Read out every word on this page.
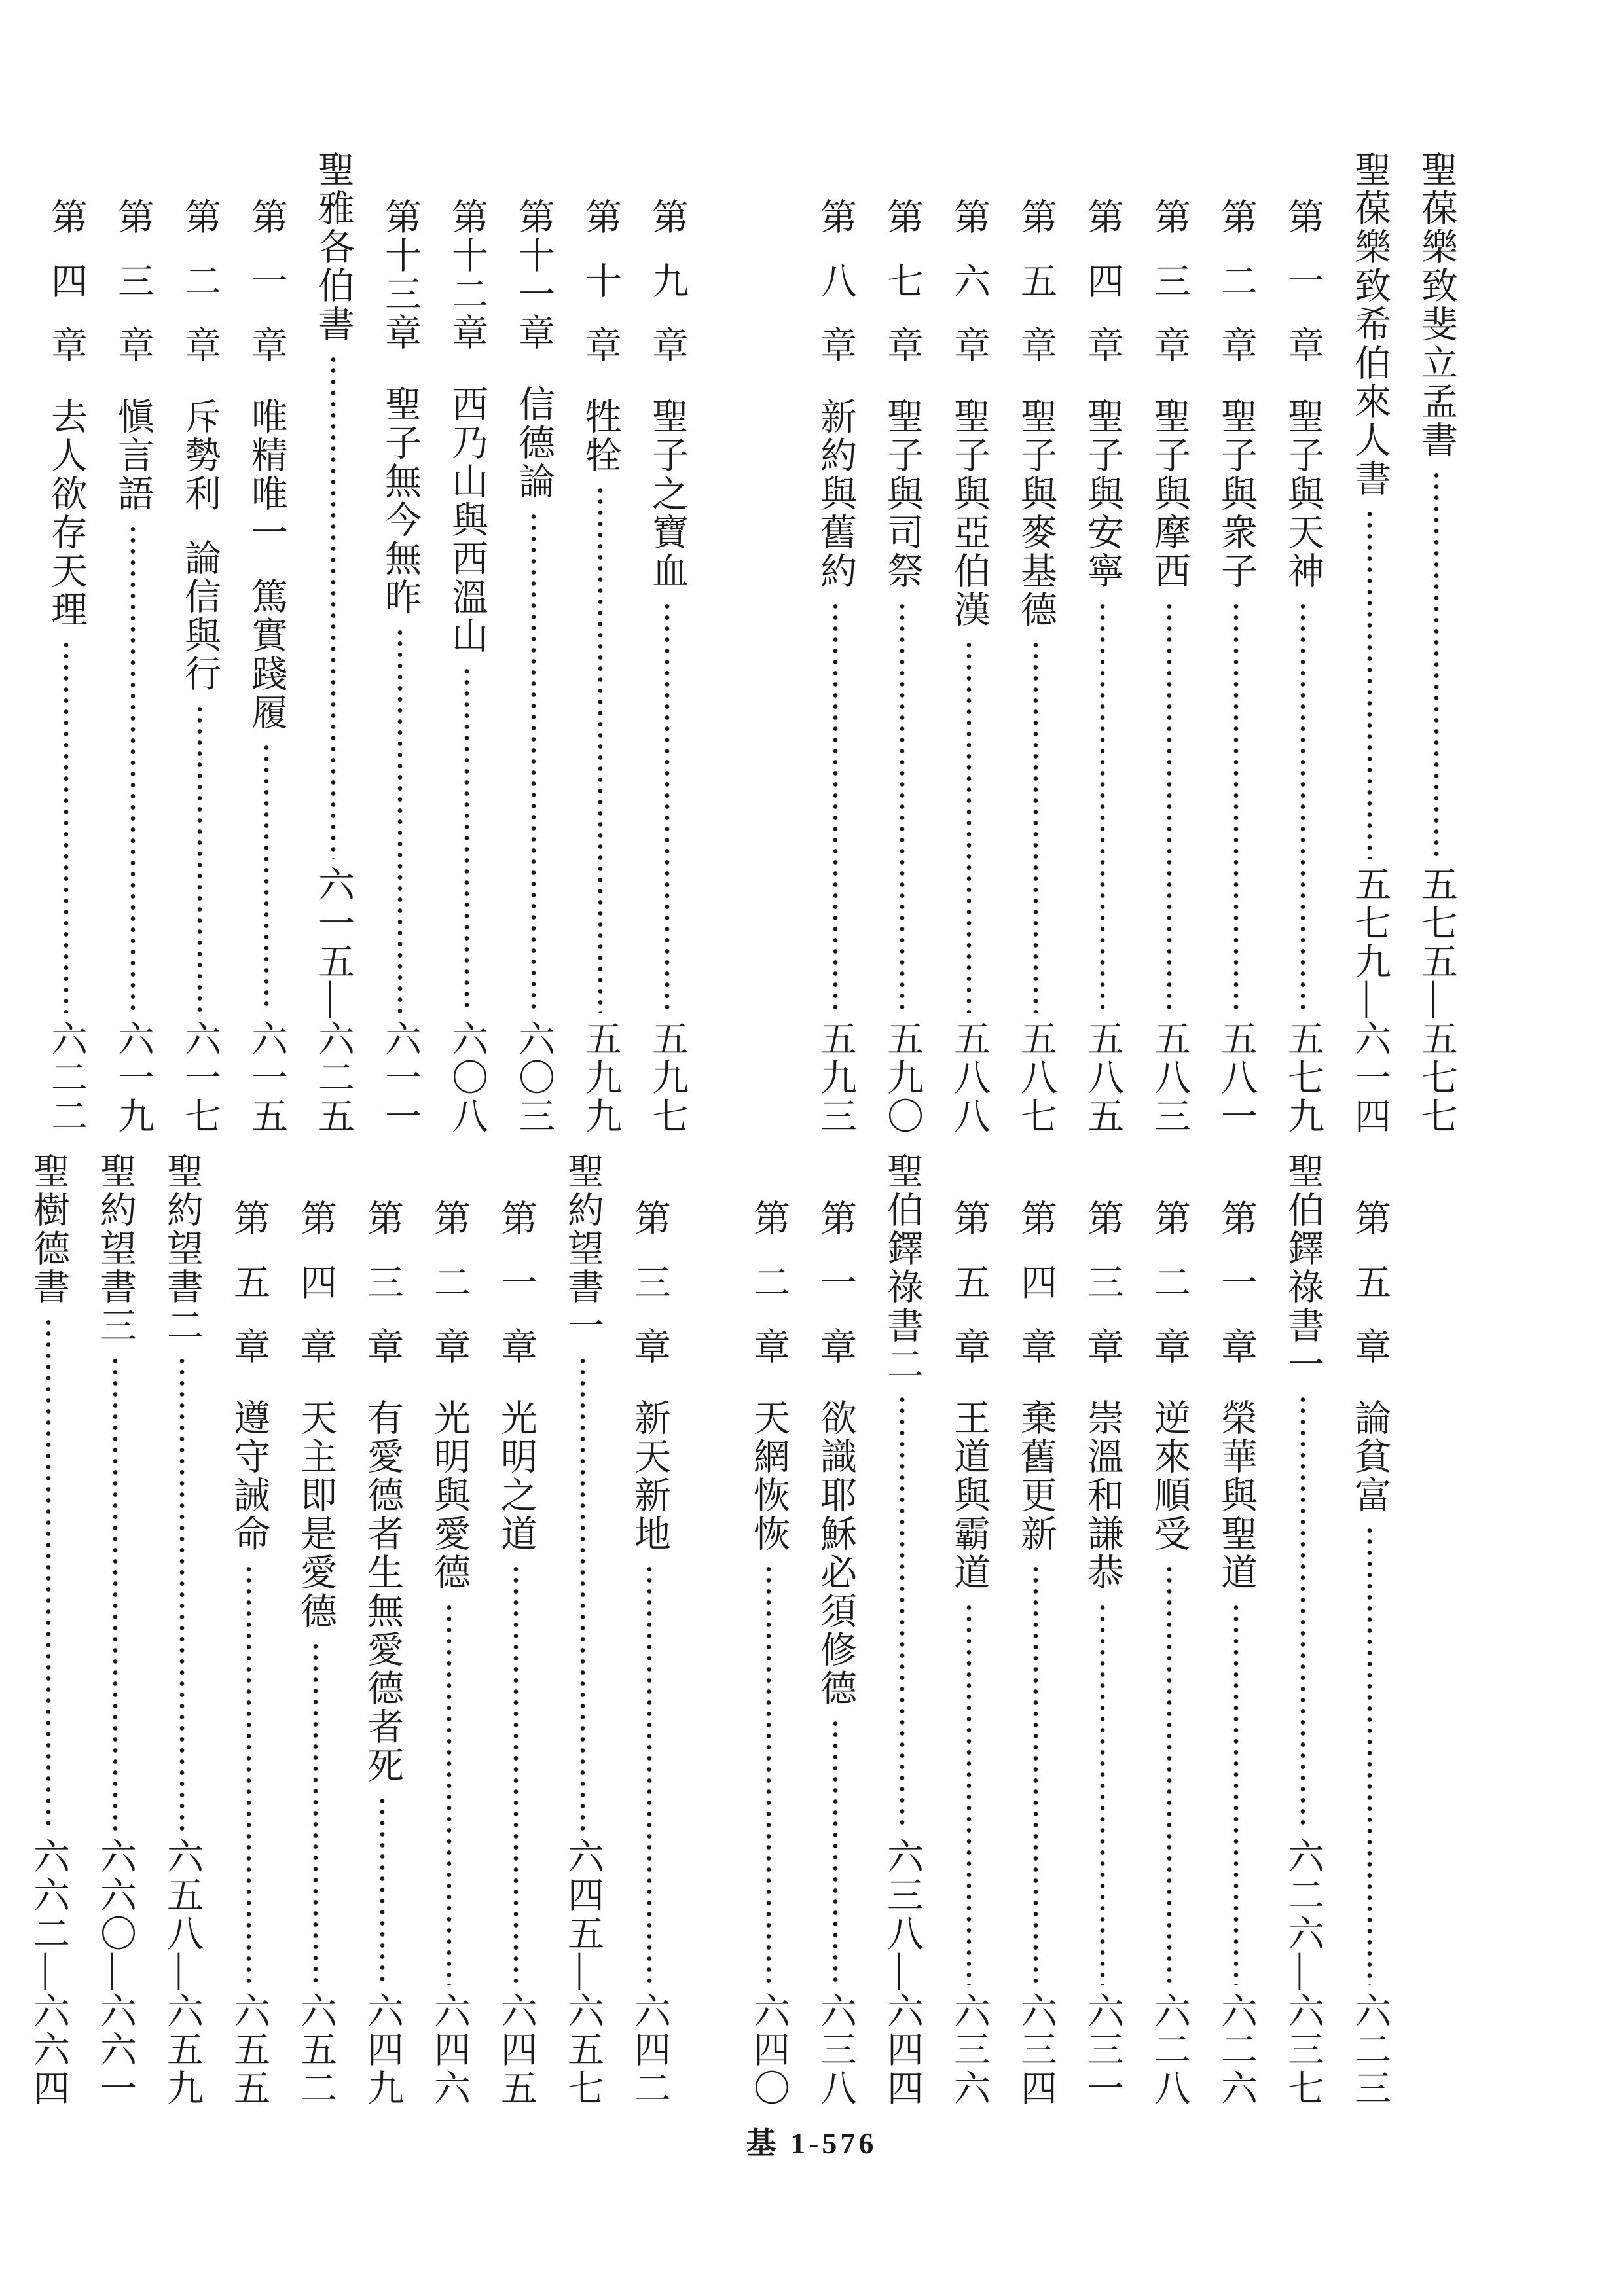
聖葆樂致斐立孟書
五七五—五七七
聖葆樂致希伯來人書
五七九—六一四
第 一 章
聖子與天神
五七九
第 二 章
聖子與衆子
五八一
第 三 章
聖子與摩西
五八三
第 四 章
聖子與安寧
五八五
第 五 章
聖子與麥基德
五八七
第 六 章
聖子與亞伯漢
五八八
第 七 章
聖子與司祭
五九〇
第 八 章
新約與舊約
五九三
第 九 章
聖子之寶血
五九七
第 十 章
牲牷
五九九
第十一章
信德論
六〇三
第十二章
西乃山與西溫山
六〇八
第十三章
聖子無今無昨
六一一
聖雅各伯書
六一五—六二五
第 一 章
唯精唯一 篤實踐履
六一五
第 二 章
斥勢利 論信與行
六一七
第 三 章
愼言語
六一九
第 四 章
去人欲存天理
六二二
第 五 章
論貧富
六二三
聖伯鐸祿書一
六二六—六三七
第 一 章
榮華與聖道
六二六
第 二 章
逆來順受
六二八
第 三 章
崇溫和謙恭
六三一
第 四 章
棄舊更新
六三四
第 五 章
王道與霸道
六三六
聖伯鐸祿書二
六三八—六四四
第 一 章
欲識耶穌必須修德
六三八
第 二 章
天網恢恢
六四〇
第 三 章
新天新地
六四二
聖約望書一
六四五—六五七
第 一 章
光明之道
六四五
第 二 章
光明與愛德
六四六
第 三 章
有愛德者生無愛德者死
六四九
第 四 章
天主即是愛德
六五二
第 五 章
遵守誡命
六五五
聖約望書二
六五八—六五九
聖約望書三
六六〇—六六一
聖樹德書
六六二—六六四
基 1-576
